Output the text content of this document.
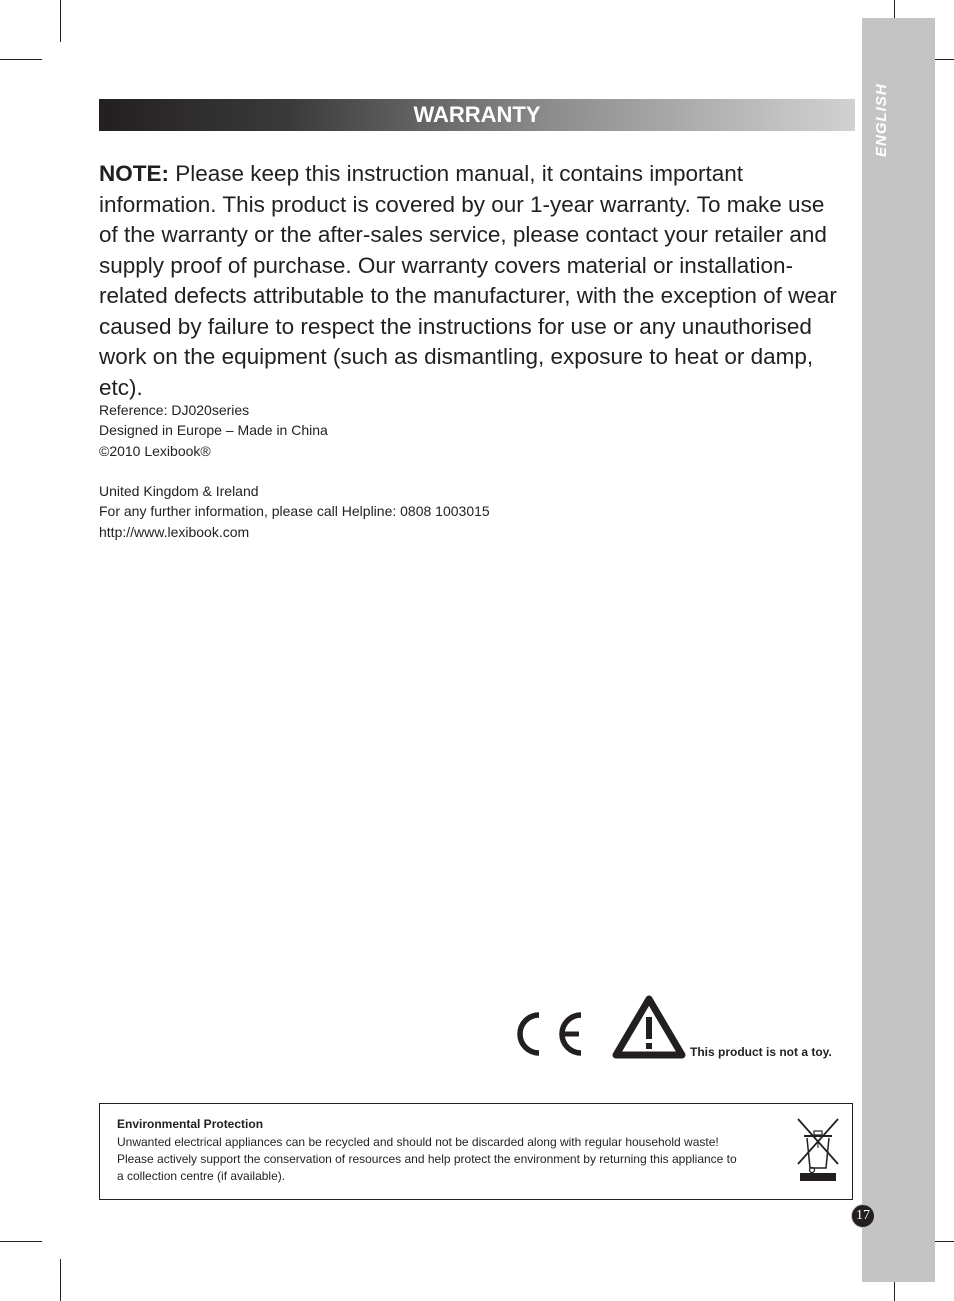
ENGLISH
WARRANTY

NOTE: Please keep this instruction manual, it contains important information. This product is covered by our 1-year warranty. To make use of the warranty or the after-sales service, please contact your retailer and supply proof of purchase. Our warranty covers material or installation-related defects attributable to the manufacturer, with the exception of wear caused by failure to respect the instructions for use or any unauthorised work on the equipment (such as dismantling, exposure to heat or damp, etc).

Reference: DJ020series
Designed in Europe – Made in China
©2010 Lexibook®
United Kingdom & Ireland
For any further information, please call Helpline: 0808 1003015
http://www.lexibook.com
This product is not a toy.
Environmental Protection
Unwanted electrical appliances can be recycled and should not be discarded along with regular household waste! Please actively support the conservation of resources and help protect the environment by returning this appliance to a collection centre (if available).
17
